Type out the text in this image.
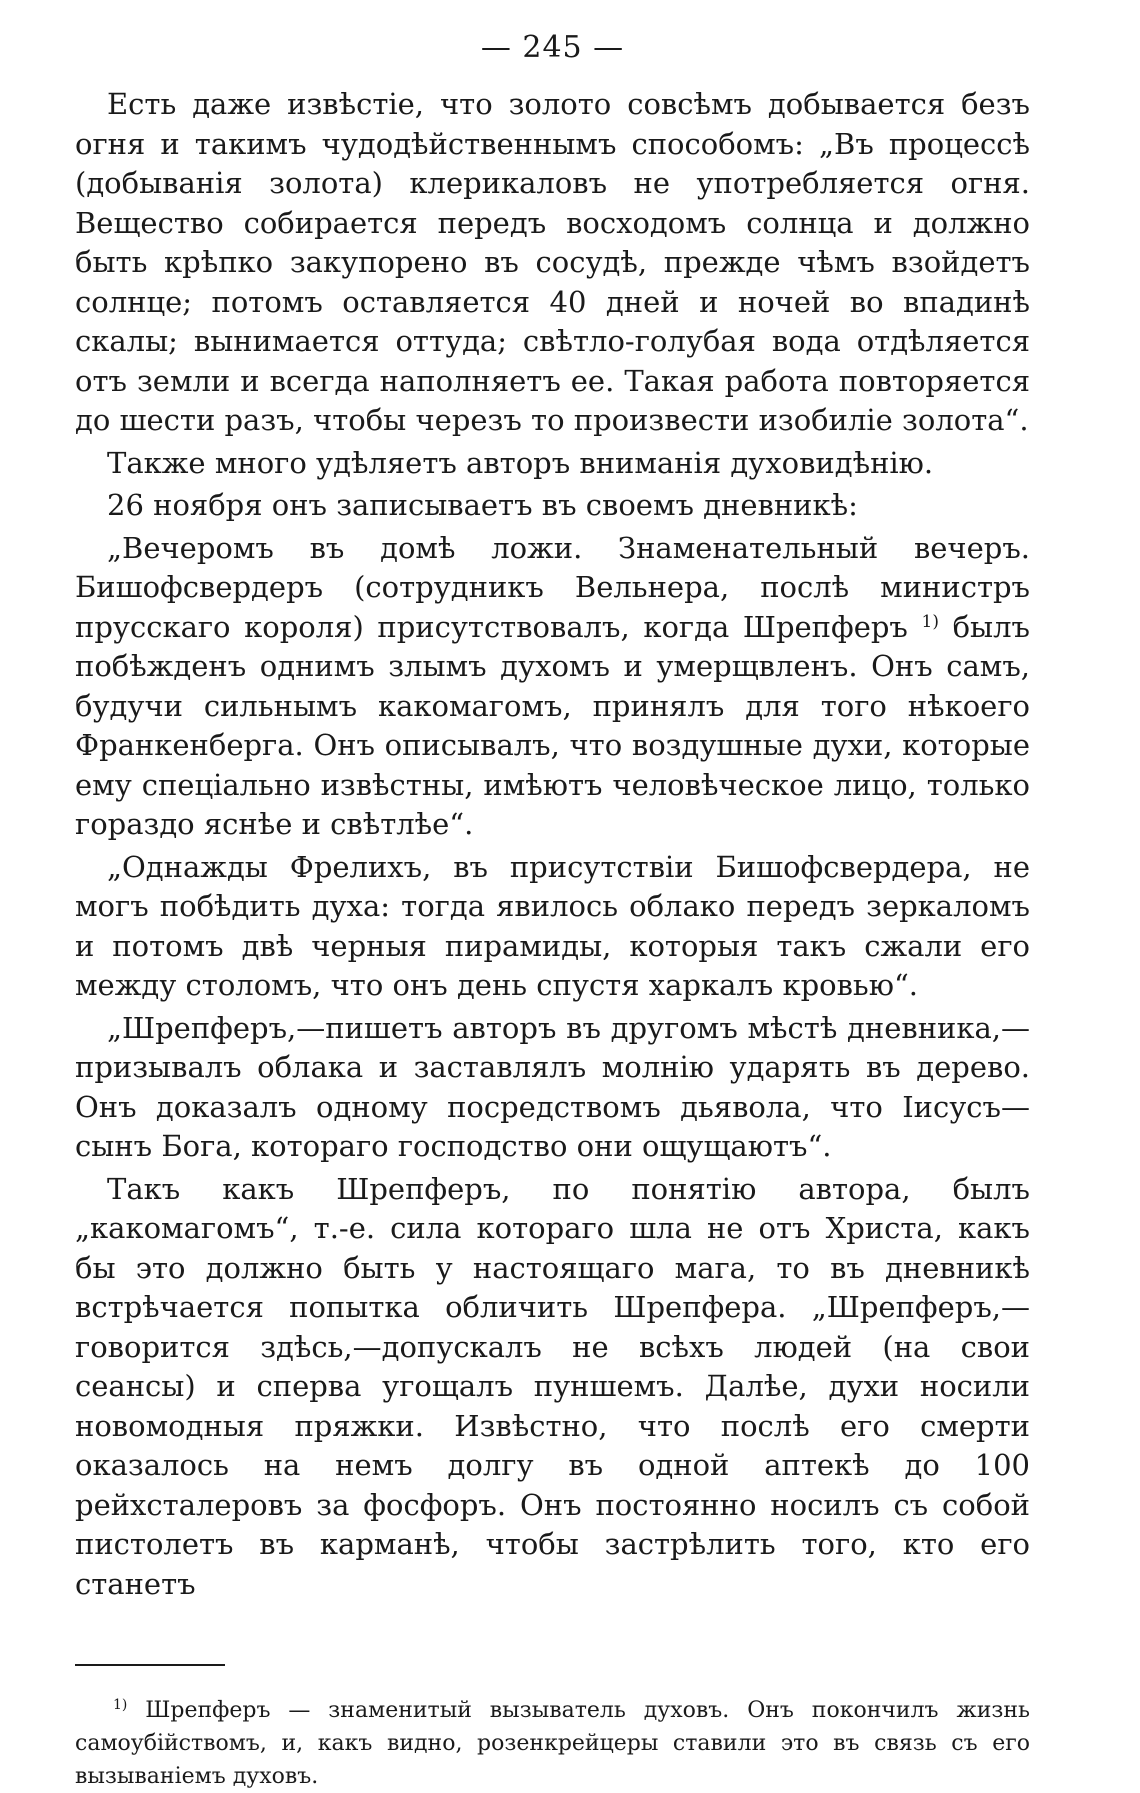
— 245 —

Есть даже извѣстіе, что золото совсѣмъ добывается безъ огня и такимъ чудодѣйственнымъ способомъ: „Въ процессѣ (добыванія золота) клерикаловъ не употребляется огня. Вещество собирается передъ восходомъ солнца и должно быть крѣпко закупорено въ сосудѣ, прежде чѣмъ взойдетъ солнце; потомъ оставляется 40 дней и ночей во впадинѣ скалы; вынимается оттуда; свѣтло-голубая вода отдѣляется отъ земли и всегда наполняетъ ее. Такая работа повторяется до шести разъ, чтобы черезъ то произвести изобиліе золота“.

Также много удѣляетъ авторъ вниманія духовидѣнію.

26 ноября онъ записываетъ въ своемъ дневникѣ:

„Вечеромъ въ домѣ ложи. Знаменательный вечеръ. Бишофсвердеръ (сотрудникъ Вельнера, послѣ министръ прусскаго короля) присутствовалъ, когда Шрепферъ $^{1)}$ былъ побѣжденъ однимъ злымъ духомъ и умерщвленъ. Онъ самъ, будучи сильнымъ какомагомъ, принялъ для того нѣкоего Франкенберга. Онъ описывалъ, что воздушные духи, которые ему спеціально извѣстны, имѣютъ человѣческое лицо, только гораздо яснѣе и свѣтлѣе“.

„Однажды Фрелихъ, въ присутствіи Бишофсвердера, не могъ побѣдить духа: тогда явилось облако передъ зеркаломъ и потомъ двѣ черныя пирамиды, которыя такъ сжали его между столомъ, что онъ день спустя харкалъ кровью“.

„Шрепферъ,—пишетъ авторъ въ другомъ мѣстѣ дневника,—призывалъ облака и заставлялъ молнію ударять въ дерево. Онъ доказалъ одному посредствомъ дьявола, что Іисусъ—сынъ Бога, котораго господство они ощущаютъ“.

Такъ какъ Шрепферъ, по понятію автора, былъ „какомагомъ“, т.-е. сила котораго шла не отъ Христа, какъ бы это должно быть у настоящаго мага, то въ дневникѣ встрѣчается попытка обличить Шрепфера. „Шрепферъ,—говорится здѣсь,—допускалъ не всѣхъ людей (на свои сеансы) и сперва угощалъ пуншемъ. Далѣе, духи носили новомодныя пряжки. Извѣстно, что послѣ его смерти оказалось на немъ долгу въ одной аптекѣ до 100 рейхсталеровъ за фосфоръ. Онъ постоянно носилъ съ собой пистолетъ въ карманѣ, чтобы застрѣлить того, кто его станетъ

$^{1)}$ Шрепферъ — знаменитый вызыватель духовъ. Онъ покончилъ жизнь самоубійствомъ, и, какъ видно, розенкрейцеры ставили это въ связь съ его вызываніемъ духовъ.
